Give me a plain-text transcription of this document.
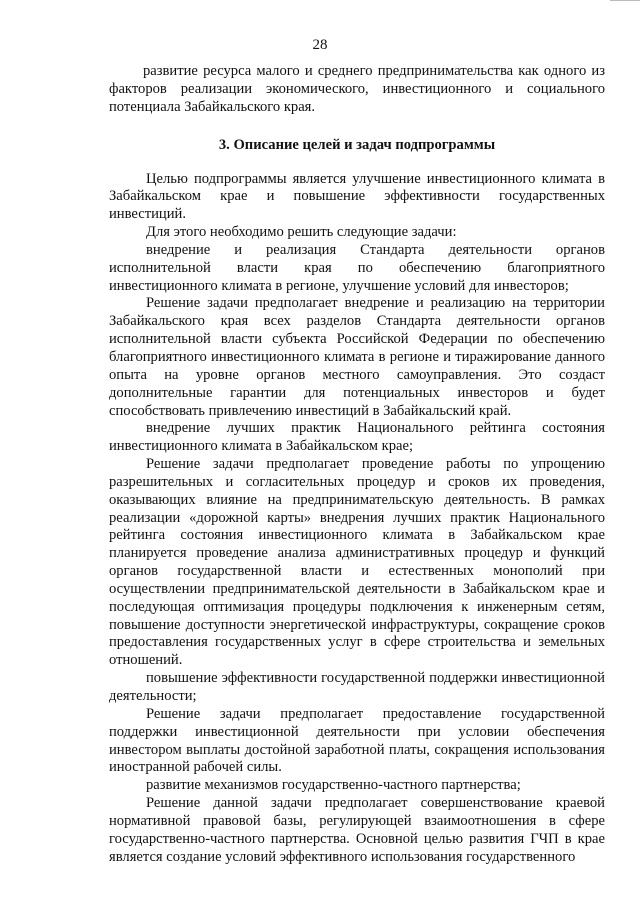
28

развитие ресурса малого и среднего предпринимательства как одного из факторов реализации экономического, инвестиционного и социального потенциала Забайкальского края.

3. Описание целей и задач подпрограммы

Целью подпрограммы является улучшение инвестиционного климата в Забайкальском крае и повышение эффективности государственных инвестиций.

Для этого необходимо решить следующие задачи:

внедрение и реализация Стандарта деятельности органов исполнительной власти края по обеспечению благоприятного инвестиционного климата в регионе, улучшение условий для инвесторов;

Решение задачи предполагает внедрение и реализацию на территории Забайкальского края всех разделов Стандарта деятельности органов исполнительной власти субъекта Российской Федерации по обеспечению благоприятного инвестиционного климата в регионе и тиражирование данного опыта на уровне органов местного самоуправления. Это создаст дополнительные гарантии для потенциальных инвесторов и будет способствовать привлечению инвестиций в Забайкальский край.

внедрение лучших практик Национального рейтинга состояния инвестиционного климата в Забайкальском крае;

Решение задачи предполагает проведение работы по упрощению разрешительных и согласительных процедур и сроков их проведения, оказывающих влияние на предпринимательскую деятельность. В рамках реализации «дорожной карты» внедрения лучших практик Национального рейтинга состояния инвестиционного климата в Забайкальском крае планируется проведение анализа административных процедур и функций органов государственной власти и естественных монополий при осуществлении предпринимательской деятельности в Забайкальском крае и последующая оптимизация процедуры подключения к инженерным сетям, повышение доступности энергетической инфраструктуры, сокращение сроков предоставления государственных услуг в сфере строительства и земельных отношений.

повышение эффективности государственной поддержки инвестиционной деятельности;

Решение задачи предполагает предоставление государственной поддержки инвестиционной деятельности при условии обеспечения инвестором выплаты достойной заработной платы, сокращения использования иностранной рабочей силы.

развитие механизмов государственно-частного партнерства;

Решение данной задачи предполагает совершенствование краевой нормативной правовой базы, регулирующей взаимоотношения в сфере государственно-частного партнерства. Основной целью развития ГЧП в крае является создание условий эффективного использования государственного
